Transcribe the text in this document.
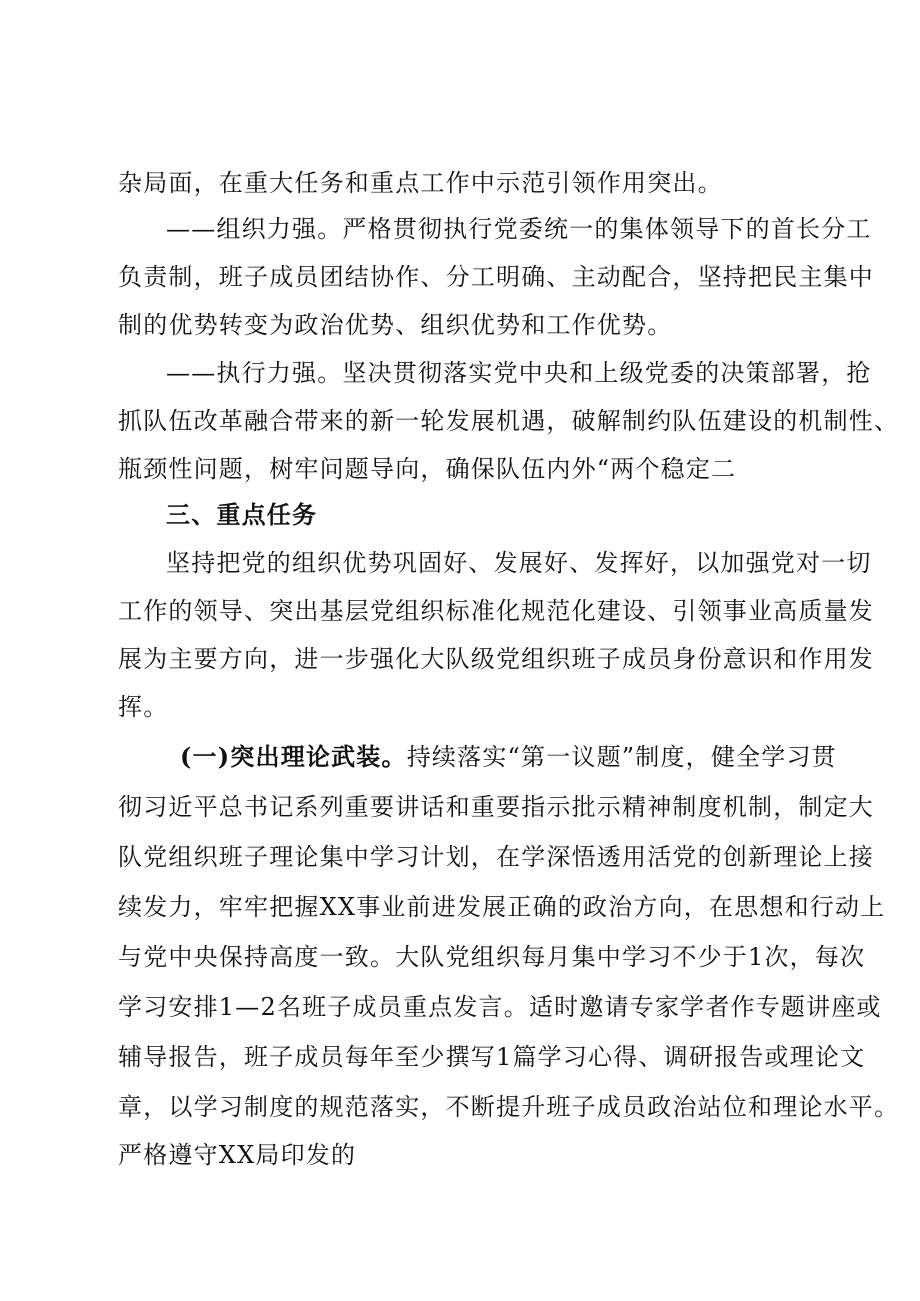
杂局面，在重大任务和重点工作中示范引领作用突出。
——组织力强。严格贯彻执行党委统一的集体领导下的首长分工
负责制，班子成员团结协作、分工明确、主动配合，坚持把民主集中
制的优势转变为政治优势、组织优势和工作优势。
——执行力强。坚决贯彻落实党中央和上级党委的决策部署，抢
抓队伍改革融合带来的新一轮发展机遇，破解制约队伍建设的机制性、
瓶颈性问题，树牢问题导向，确保队伍内外“两个稳定二
三、重点任务
坚持把党的组织优势巩固好、发展好、发挥好，以加强党对一切
工作的领导、突出基层党组织标准化规范化建设、引领事业高质量发
展为主要方向，进一步强化大队级党组织班子成员身份意识和作用发
挥。
(一)突出理论武装。持续落实“第一议题”制度，健全学习贯
彻习近平总书记系列重要讲话和重要指示批示精神制度机制，制定大
队党组织班子理论集中学习计划，在学深悟透用活党的创新理论上接
续发力，牢牢把握XX事业前进发展正确的政治方向，在思想和行动上
与党中央保持高度一致。大队党组织每月集中学习不少于1次，每次
学习安排1—2名班子成员重点发言。适时邀请专家学者作专题讲座或
辅导报告，班子成员每年至少撰写1篇学习心得、调研报告或理论文
章，以学习制度的规范落实，不断提升班子成员政治站位和理论水平。
严格遵守XX局印发的
